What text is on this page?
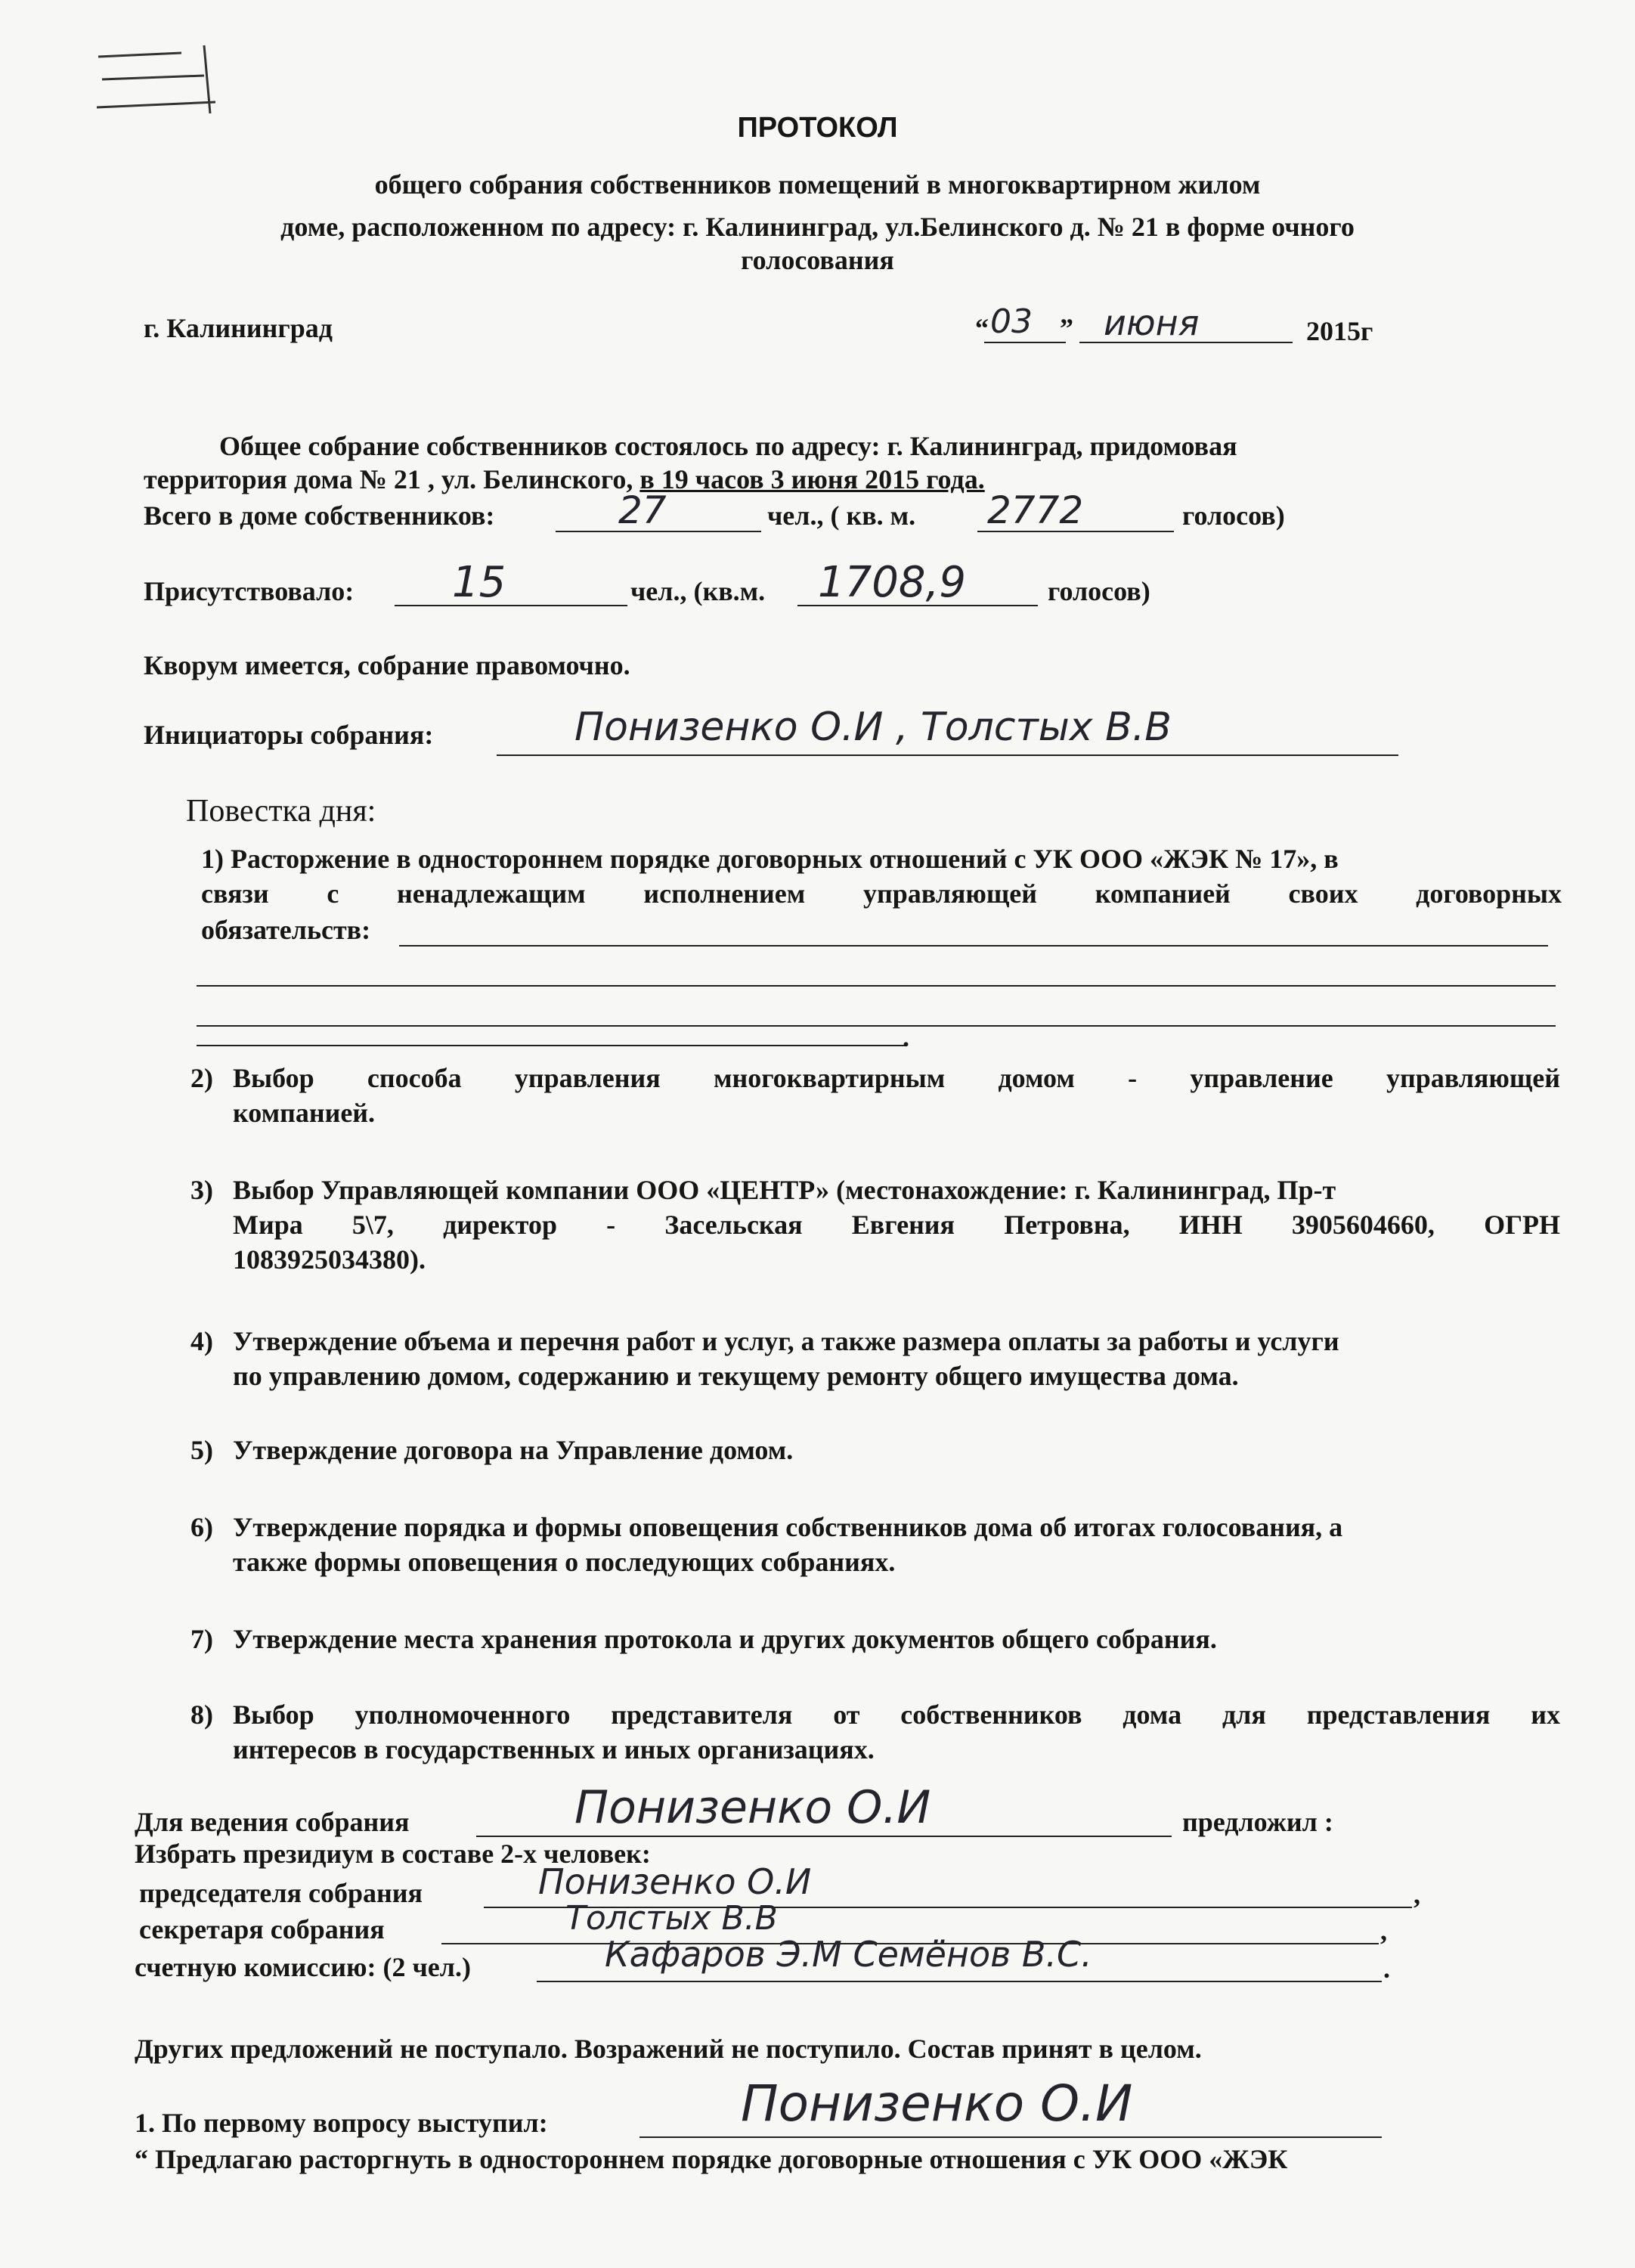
ПРОТОКОЛ
общего собрания собственников помещений в многоквартирном жилом
доме, расположенном по адресу: г. Калининград, ул.Белинского д. № 21 в форме очного
голосования
г. Калининград	“ 03 ” июня	2015г
Общее собрание собственников состоялось по адресу: г. Калининград, придомовая
территория дома № 21 , ул. Белинского, в 19 часов 3 июня 2015 года.
Всего в доме собственников:	27	чел., ( кв. м. 2772	голосов)
Присутствовало: 15	чел., (кв.м. 1708,9	голосов)
Кворум имеется, собрание правомочно.
Инициаторы собрания:	Понизенко О.И , Толстых В.В
Повестка дня:
1) Расторжение в одностороннем порядке договорных отношений с УК ООО «ЖЭК № 17», в
связи с ненадлежащим исполнением управляющей компанией своих договорных
обязательств:
.
2) Выбор способа управления многоквартирным домом - управление управляющей
компанией.
3) Выбор Управляющей компании ООО «ЦЕНТР» (местонахождение: г. Калининград, Пр-т
Мира 5\7, директор - Засельская Евгения Петровна, ИНН 3905604660, ОГРН
1083925034380).
4) Утверждение объема и перечня работ и услуг, а также размера оплаты за работы и услуги
по управлению домом, содержанию и текущему ремонту общего имущества дома.
5) Утверждение договора на Управление домом.
6) Утверждение порядка и формы оповещения собственников дома об итогах голосования, а
также формы оповещения о последующих собраниях.
7) Утверждение места хранения протокола и других документов общего собрания.
8) Выбор уполномоченного представителя от собственников дома для представления их
интересов в государственных и иных организациях.
Для ведения собрания	Понизенко О.И	предложил :
Избрать президиум в составе 2-х человек:
председателя собрания	Понизенко О.И	,
секретаря собрания	Толстых В.В	,
счетную комиссию: (2 чел.)	Кафаров Э.М Семёнов В.С.	.
Других предложений не поступало. Возражений не поступило. Состав принят в целом.
1. По первому вопросу выступил:	Понизенко О.И
“ Предлагаю расторгнуть в одностороннем порядке договорные отношения с УК ООО «ЖЭК
